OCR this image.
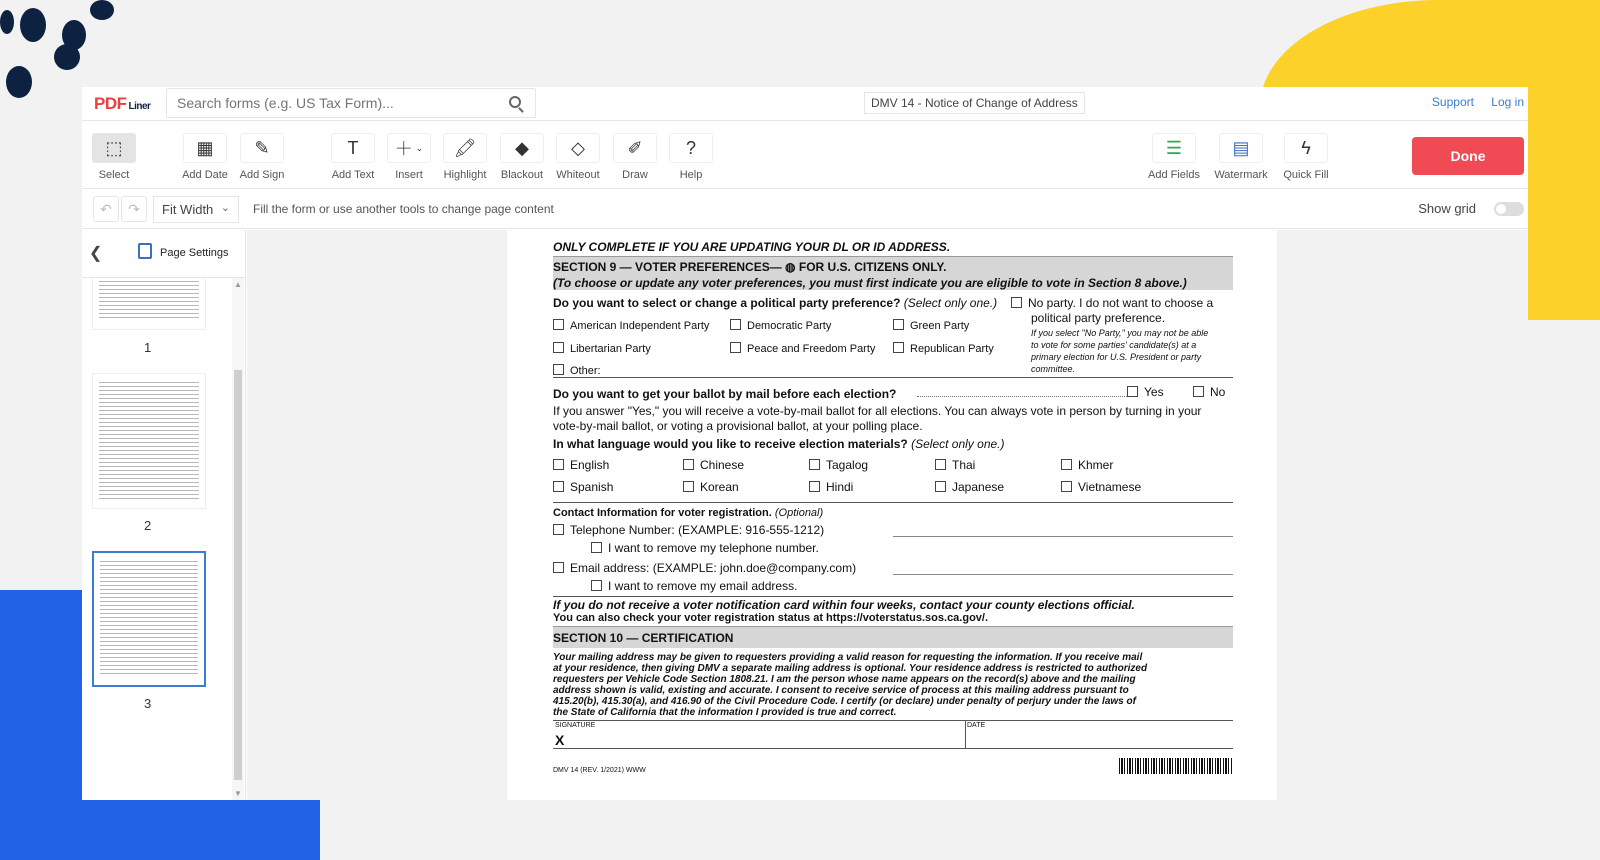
PDF Liner
Search forms (e.g. US Tax Form)...	DMV 14 - Notice of Change of Address	Support Log in
⬚
Select
▦
Add Date
✎
Add Sign
T
Add Text
＋ ⌄
Insert
🖍
Highlight
◆
Blackout
◇
Whiteout
✐
Draw
?
Help
☰
Add Fields
▤
Watermark
ϟ
Quick Fill
Done
↶ ↷	Fit Width ⌄ Fill the form or use another tools to change page content	Show grid
❮	Page Settings
1
2
3
▲
▼
ONLY COMPLETE IF YOU ARE UPDATING YOUR DL OR ID ADDRESS.
SECTION 9 — VOTER PREFERENCES— ◍ FOR U.S. CITIZENS ONLY.
(To choose or update any voter preferences, you must first indicate you are eligible to vote in Section 8 above.)
Do you want to select or change a political party preference? (Select only one.)	No party. I do not want to choose a
political party preference.
If you select "No Party," you may not be able
to vote for some parties' candidate(s) at a
primary election for U.S. President or party
committee.
American Independent Party	Democratic Party	Green Party
Libertarian Party	Peace and Freedom Party	Republican Party
Other:
Do you want to get your ballot by mail before each election?	Yes	No
If you answer "Yes," you will receive a vote-by-mail ballot for all elections. You can always vote in person by turning in your
vote-by-mail ballot, or voting a provisional ballot, at your polling place.
In what language would you like to receive election materials? (Select only one.)
English	Chinese	Tagalog	Thai	Khmer
Spanish	Korean	Hindi	Japanese	Vietnamese
Contact Information for voter registration. (Optional)
Telephone Number: (EXAMPLE: 916-555-1212)
I want to remove my telephone number.
Email address: (EXAMPLE: john.doe@company.com)
I want to remove my email address.
If you do not receive a voter notification card within four weeks, contact your county elections official.
You can also check your voter registration status at https://voterstatus.sos.ca.gov/.
SECTION 10 — CERTIFICATION
Your mailing address may be given to requesters providing a valid reason for requesting the information. If you receive mail
at your residence, then giving DMV a separate mailing address is optional. Your residence address is restricted to authorized
requesters per Vehicle Code Section 1808.21. I am the person whose name appears on the record(s) above and the mailing
address shown is valid, existing and accurate. I consent to receive service of process at this mailing address pursuant to
415.20(b), 415.30(a), and 416.90 of the Civil Procedure Code. I certify (or declare) under penalty of perjury under the laws of
the State of California that the information I provided is true and correct.
SIGNATURE
X
DATE
DMV 14 (REV. 1/2021) WWW
